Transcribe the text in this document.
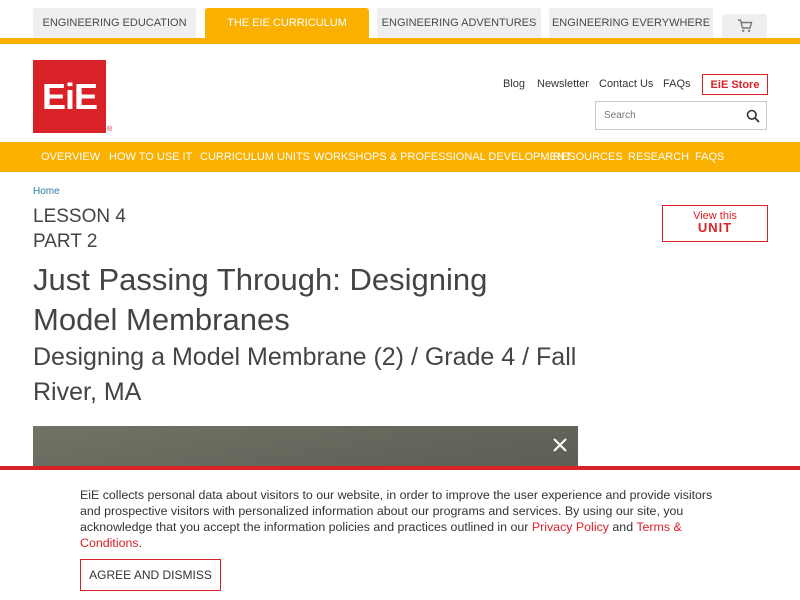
ENGINEERING EDUCATION	THE EIE CURRICULUM	ENGINEERING ADVENTURES	ENGINEERING EVERYWHERE
EiE
®
Blog Newsletter Contact Us FAQs	EiE Store
Search
OVERVIEW HOW TO USE IT CURRICULUM UNITS WORKSHOPS & PROFESSIONAL DEVELOPMENT
RESOURCES RESEARCH FAQS
Home
LESSON 4
PART 2
Just Passing Through: Designing Model Membranes
Designing a Model Membrane (2) / Grade 4 / Fall River, MA
View this
UNIT

EiE collects personal data about visitors to our website, in order to improve the user experience and provide visitors and prospective visitors with personalized information about our programs and services. By using our site, you acknowledge that you accept the information policies and practices outlined in our Privacy Policy and Terms & Conditions.

AGREE AND DISMISS
